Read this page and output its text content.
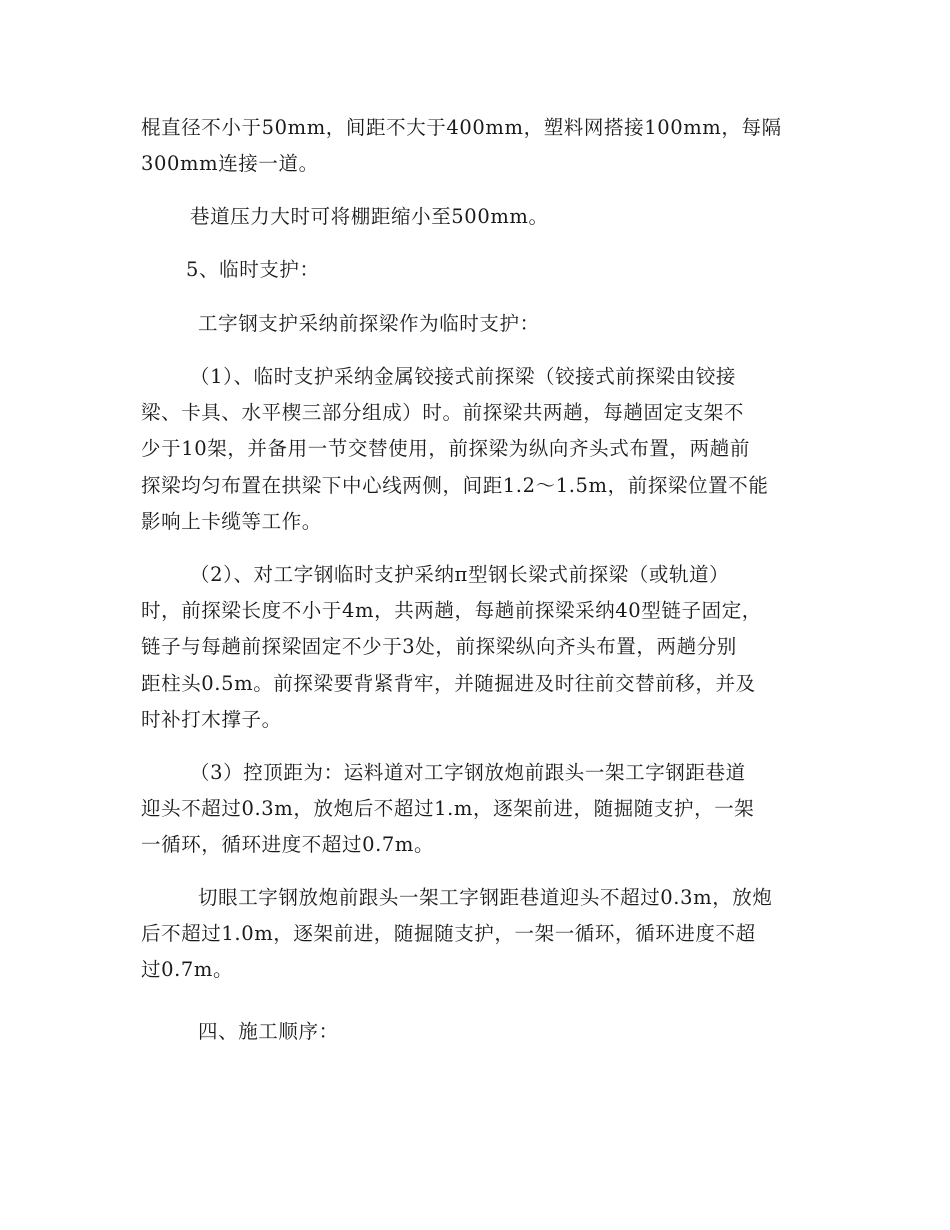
棍直径不小于50mm，间距不大于400mm，塑料网搭接100mm，每隔
300mm连接一道。
巷道压力大时可将棚距缩小至500mm。
5、临时支护：
工字钢支护采纳前探梁作为临时支护：
（1）、临时支护采纳金属铰接式前探梁（铰接式前探梁由铰接
梁、卡具、水平楔三部分组成）时。前探梁共两趟，每趟固定支架不
少于10架，并备用一节交替使用，前探梁为纵向齐头式布置，两趟前
探梁均匀布置在拱梁下中心线两侧，间距1.2～1.5m，前探梁位置不能
影响上卡缆等工作。
（2）、对工字钢临时支护采纳π型钢长梁式前探梁（或轨道）
时，前探梁长度不小于4m，共两趟，每趟前探梁采纳40型链子固定，
链子与每趟前探梁固定不少于3处，前探梁纵向齐头布置，两趟分别
距柱头0.5m。前探梁要背紧背牢，并随掘进及时往前交替前移，并及
时补打木撑子。
（3）控顶距为：运料道对工字钢放炮前跟头一架工字钢距巷道
迎头不超过0.3m，放炮后不超过1.m，逐架前进，随掘随支护，一架
一循环，循环进度不超过0.7m。
切眼工字钢放炮前跟头一架工字钢距巷道迎头不超过0.3m，放炮
后不超过1.0m，逐架前进，随掘随支护，一架一循环，循环进度不超
过0.7m。
四、施工顺序：
